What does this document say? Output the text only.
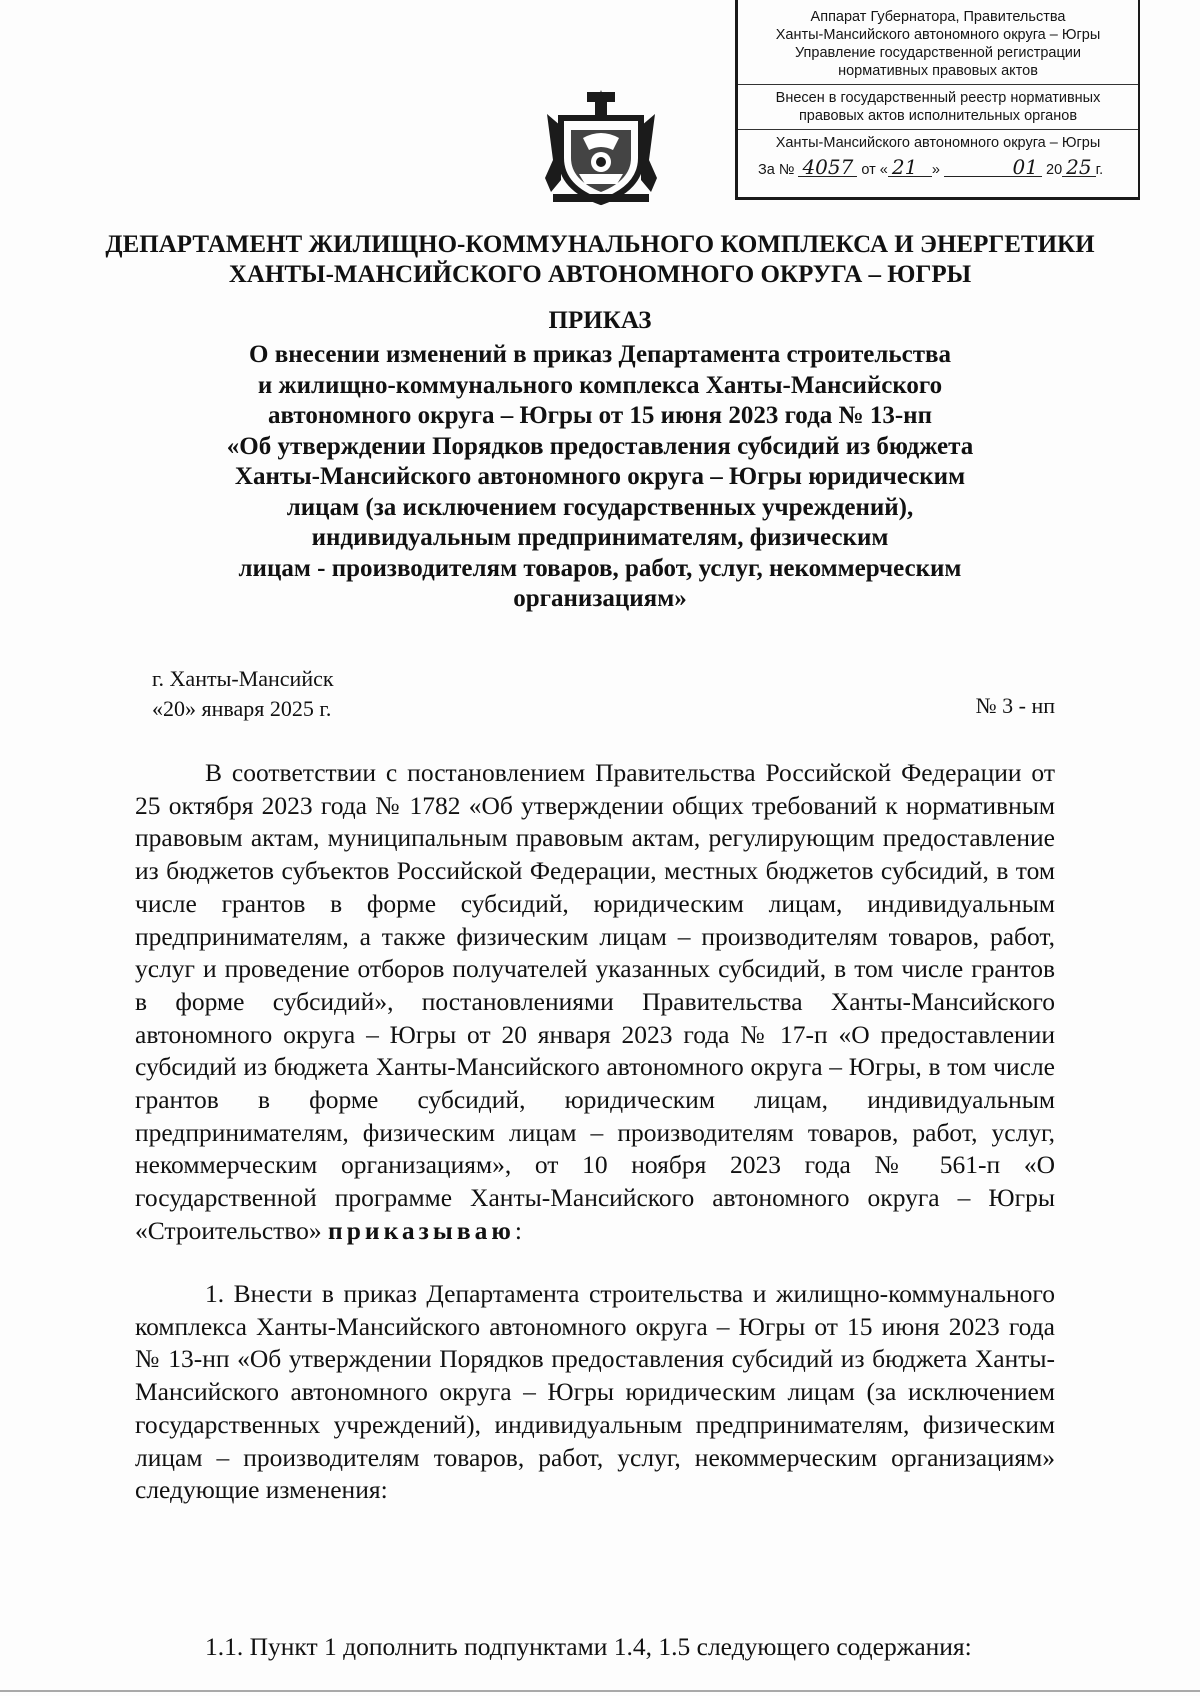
Аппарат Губернатора, Правительства
Ханты-Мансийского автономного округа – Югры
Управление государственной регистрации
нормативных правовых актов
Внесен в государственный реестр нормативных
правовых актов исполнительных органов
Ханты-Мансийского автономного округа – Югры
За № 4057 от « 21 »	01 20 25 г.
ДЕПАРТАМЕНТ ЖИЛИЩНО-КОММУНАЛЬНОГО КОМПЛЕКСА И ЭНЕРГЕТИКИ
ХАНТЫ-МАНСИЙСКОГО АВТОНОМНОГО ОКРУГА – ЮГРЫ
ПРИКАЗ
О внесении изменений в приказ Департамента строительства
и жилищно-коммунального комплекса Ханты-Мансийского
автономного округа – Югры от 15 июня 2023 года № 13-нп
«Об утверждении Порядков предоставления субсидий из бюджета
Ханты-Мансийского автономного округа – Югры юридическим
лицам (за исключением государственных учреждений),
индивидуальным предпринимателям, физическим
лицам - производителям товаров, работ, услуг, некоммерческим
организациям»
г. Ханты-Мансийск
«20» января 2025 г.	№ 3 - нп
В соответствии с постановлением Правительства Российской Федерации от 25 октября 2023 года № 1782 «Об утверждении общих требований к нормативным правовым актам, муниципальным правовым актам, регулирующим предоставление из бюджетов субъектов Российской Федерации, местных бюджетов субсидий, в том числе грантов в форме субсидий, юридическим лицам, индивидуальным предпринимателям, а также физическим лицам – производителям товаров, работ, услуг и проведение отборов получателей указанных субсидий, в том числе грантов в форме субсидий», постановлениями Правительства Ханты-Мансийского автономного округа – Югры от 20 января 2023 года № 17-п «О предоставлении субсидий из бюджета Ханты-Мансийского автономного округа – Югры, в том числе грантов в форме субсидий, юридическим лицам, индивидуальным предпринимателям, физическим лицам – производителям товаров, работ, услуг, некоммерческим организациям», от 10 ноября 2023 года № 561-п «О государственной программе Ханты-Мансийского автономного округа – Югры «Строительство» приказываю:
1. Внести в приказ Департамента строительства и жилищно-коммунального комплекса Ханты-Мансийского автономного округа – Югры от 15 июня 2023 года № 13-нп «Об утверждении Порядков предоставления субсидий из бюджета Ханты-Мансийского автономного округа – Югры юридическим лицам (за исключением государственных учреждений), индивидуальным предпринимателям, физическим лицам – производителям товаров, работ, услуг, некоммерческим организациям» следующие изменения:
1.1. Пункт 1 дополнить подпунктами 1.4, 1.5 следующего содержания:
